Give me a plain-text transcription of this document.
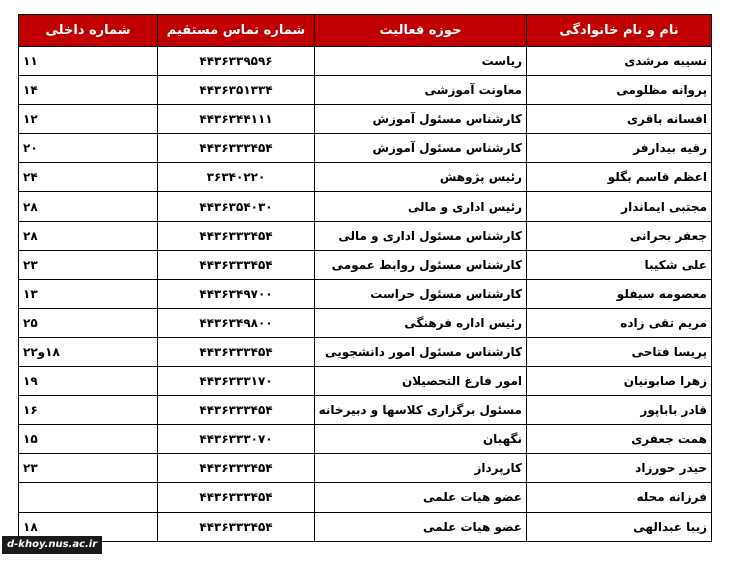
نام و نام خانوادگی	حوزه فعالیت	شماره تماس مستقیم	شماره داخلی
نسیبه مرشدی	ریاست	۴۴۳۶۳۳۹۵۹۶	۱۱
پروانه مظلومی	معاونت آموزشی	۴۴۳۶۳۵۱۳۳۴	۱۴
افسانه باقری	کارشناس مسئول آموزش	۴۴۳۶۳۴۴۱۱۱	۱۲
رقیه بیدارفر	کارشناس مسئول آموزش	۴۴۳۶۳۳۳۴۵۴	۲۰
اعظم قاسم بگلو	رئیس پژوهش	۳۶۳۴۰۲۲۰	۲۴
مجتبی ایماندار	رئیس اداری و مالی	۴۴۳۶۳۵۴۰۳۰	۲۸
جعفر بحرانی	کارشناس مسئول اداری و مالی	۴۴۳۶۳۳۳۴۵۴	۲۸
علی شکیبا	کارشناس مسئول روابط عمومی	۴۴۳۶۳۳۳۴۵۴	۲۳
معصومه سیفلو	کارشناس مسئول حراست	۴۴۳۶۳۴۹۷۰۰	۱۳
مریم تقی زاده	رئیس اداره فرهنگی	۴۴۳۶۳۴۹۸۰۰	۲۵
پریسا فتاحی	کارشناس مسئول امور دانشجویی	۴۴۳۶۳۳۳۴۵۴	۱۸و۲۲
زهرا صابونیان	امور فارغ التحصیلان	۴۴۳۶۳۳۳۱۷۰	۱۹
قادر باباپور	مسئول برگزاری کلاسها و دبیرخانه	۴۴۳۶۳۳۳۴۵۴	۱۶
همت جعفری	نگهبان	۴۴۳۶۳۳۳۰۷۰	۱۵
حیدر حورزاد	کارپرداز	۴۴۳۶۳۳۳۴۵۴	۲۳
فرزانه محله	عضو هیات علمی	۴۴۳۶۳۳۳۴۵۴	
زیبا عبدالهی	عضو هیات علمی	۴۴۳۶۳۳۳۴۵۴	۱۸
d-khoy.nus.ac.ir
